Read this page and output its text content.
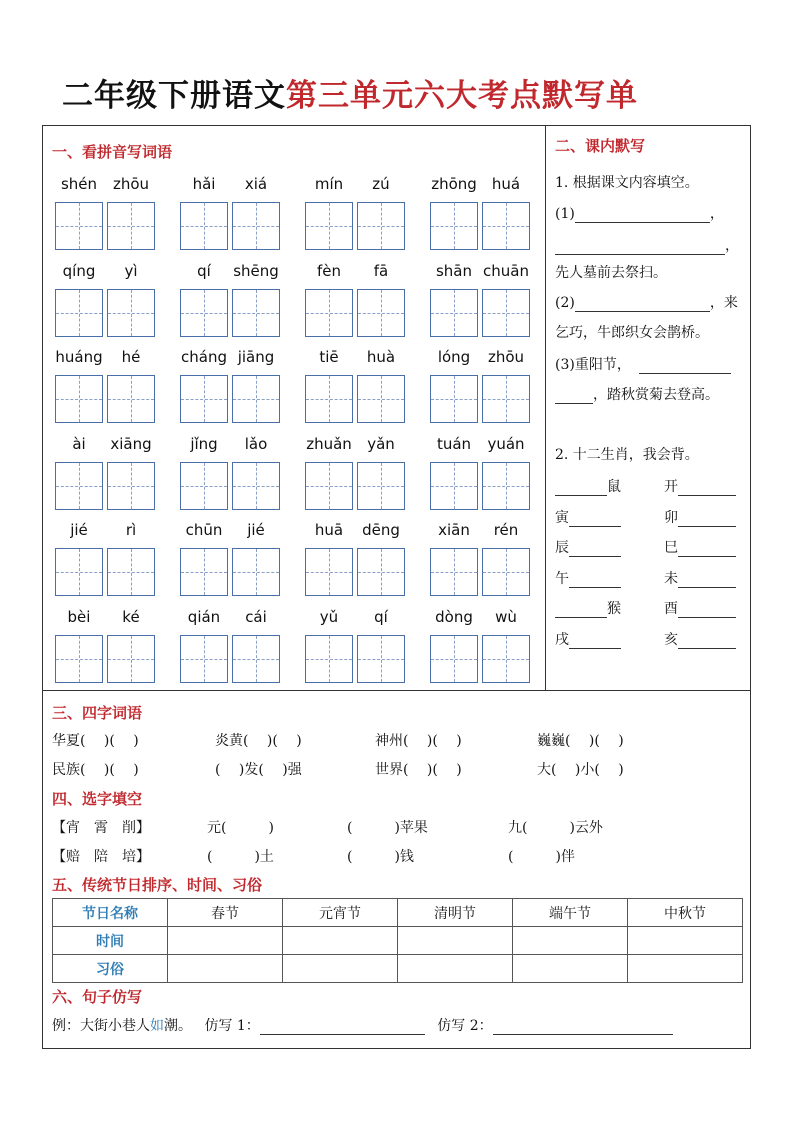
二年级下册语文第三单元六大考点默写单
一、看拼音写词语	二、课内默写
1. 根据课文内容填空。
(1)	，
，
先人墓前去祭扫。
(2)	，来
乞巧，牛郎织女会鹊桥。
(3)重阳节，
，踏秋赏菊去登高。
2. 十二生肖，我会背。
三、四字词语
四、选字填空
五、传统节日排序、时间、习俗
节日名称	春节	元宵节	清明节	端午节	中秋节
时间					
习俗					
六、句子仿写
例：大街小巷人如潮。 仿写 1：	仿写 2：
shén	zhōu	hǎi	xiá	mín	zú	zhōng	huá
qíng	yì	qí	shēng	fèn	fā	shān chuān
huáng	hé	cháng jiāng	tiē	huà	lóng	zhōu
ài	xiāng	jǐng	lǎo	zhuǎn	yǎn	tuán	yuán
jié	rì	chūn	jié	huā	dēng	xiān	rén
bèi	ké	qián	cái	yǔ	qí	dòng	wù
鼠	开
寅	卯
辰	巳
午	未
猴	酉
戌	亥
华夏(　 )(　 )	炎黄(　 )(　 )	神州(　 )(　 )	巍巍(　 )(　 )
民族(　 )(　 )	(　 )发(　 )强	世界(　 )(　 )	大(　 )小(　 )
【宵　霄　削】	元(　　　)	(　　　)苹果	九(　　　)云外
【赔　陪　培】	(　　　)土	(　　　)钱	(　　　)伴
